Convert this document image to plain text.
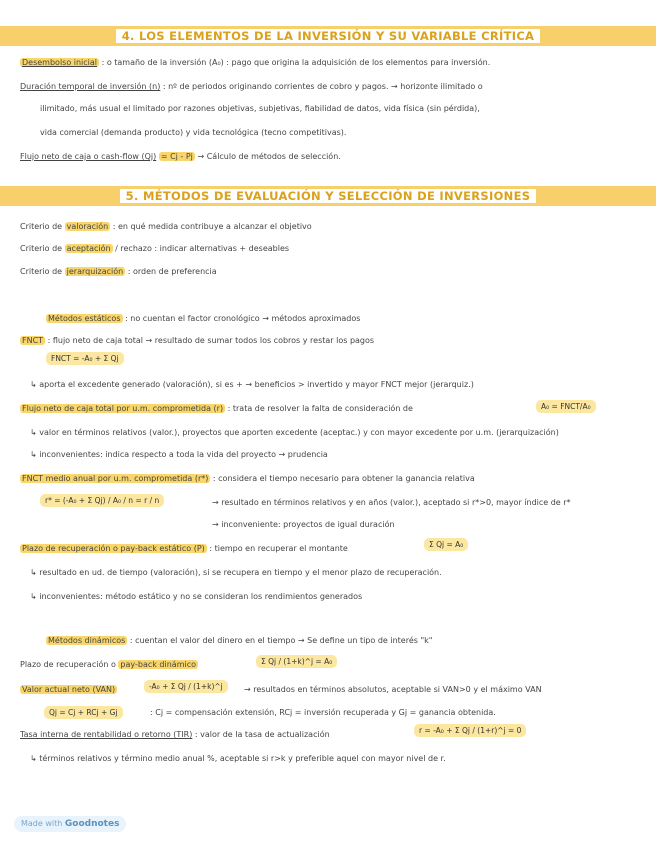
4. LOS ELEMENTOS DE LA INVERSIÓN Y SU VARIABLE CRÍTICA
Desembolso inicial : o tamaño de la inversión (A₀) : pago que origina la adquisición de los elementos para inversión.
Duración temporal de inversión (n) : nº de periodos originando corrientes de cobro y pagos. → horizonte ilimitado o
ilimitado, más usual el limitado por razones objetivas, subjetivas, fiabilidad de datos, vida física (sin pérdida),
vida comercial (demanda producto) y vida tecnológica (tecno competitivas).
Flujo neto de caja o cash-flow (Qj) = Cj - Pj → Cálculo de métodos de selección.
5. MÉTODOS DE EVALUACIÓN Y SELECCIÓN DE INVERSIONES
Criterio de valoración : en qué medida contribuye a alcanzar el objetivo
Criterio de aceptación / rechazo : indicar alternativas + deseables
Criterio de jerarquización : orden de preferencia
Métodos estáticos : no cuentan el factor cronológico → métodos aproximados
FNCT : flujo neto de caja total → resultado de sumar todos los cobros y restar los pagos
FNCT = -A₀ + Σ Qj
↳ aporta el excedente generado (valoración), si es + → beneficios > invertido y mayor FNCT mejor (jerarquiz.)
Flujo neto de caja total por u.m. comprometida (r) : trata de resolver la falta de consideración de	A₀ = FNCT/A₀
↳ valor en términos relativos (valor.), proyectos que aporten excedente (aceptac.) y con mayor excedente por u.m. (jerarquización)
↳ inconvenientes: indica respecto a toda la vida del proyecto → prudencia
FNCT medio anual por u.m. comprometida (r*) : considera el tiempo necesario para obtener la ganancia relativa
r* = (-A₀ + Σ Qj) / A₀ / n = r / n	→ resultado en términos relativos y en años (valor.), aceptado si r*>0, mayor índice de r*
→ inconveniente: proyectos de igual duración
Plazo de recuperación o pay-back estático (P) : tiempo en recuperar el montante	Σ Qj = A₀
↳ resultado en ud. de tiempo (valoración), si se recupera en tiempo y el menor plazo de recuperación.
↳ inconvenientes: método estático y no se consideran los rendimientos generados
Métodos dinámicos : cuentan el valor del dinero en el tiempo → Se define un tipo de interés "k"
Plazo de recuperación o pay-back dinámico	Σ Qj / (1+k)^j = A₀
Valor actual neto (VAN)	-A₀ + Σ Qj / (1+k)^j	→ resultados en términos absolutos, aceptable si VAN>0 y el máximo VAN
Qj = Cj + RCj + Gj	: Cj = compensación extensión, RCj = inversión recuperada y Gj = ganancia obtenida.
Tasa interna de rentabilidad o retorno (TIR) : valor de la tasa de actualización	r = -A₀ + Σ Qj / (1+r)^j = 0
↳ términos relativos y término medio anual %, aceptable si r>k y preferible aquel con mayor nivel de r.
Made with Goodnotes
